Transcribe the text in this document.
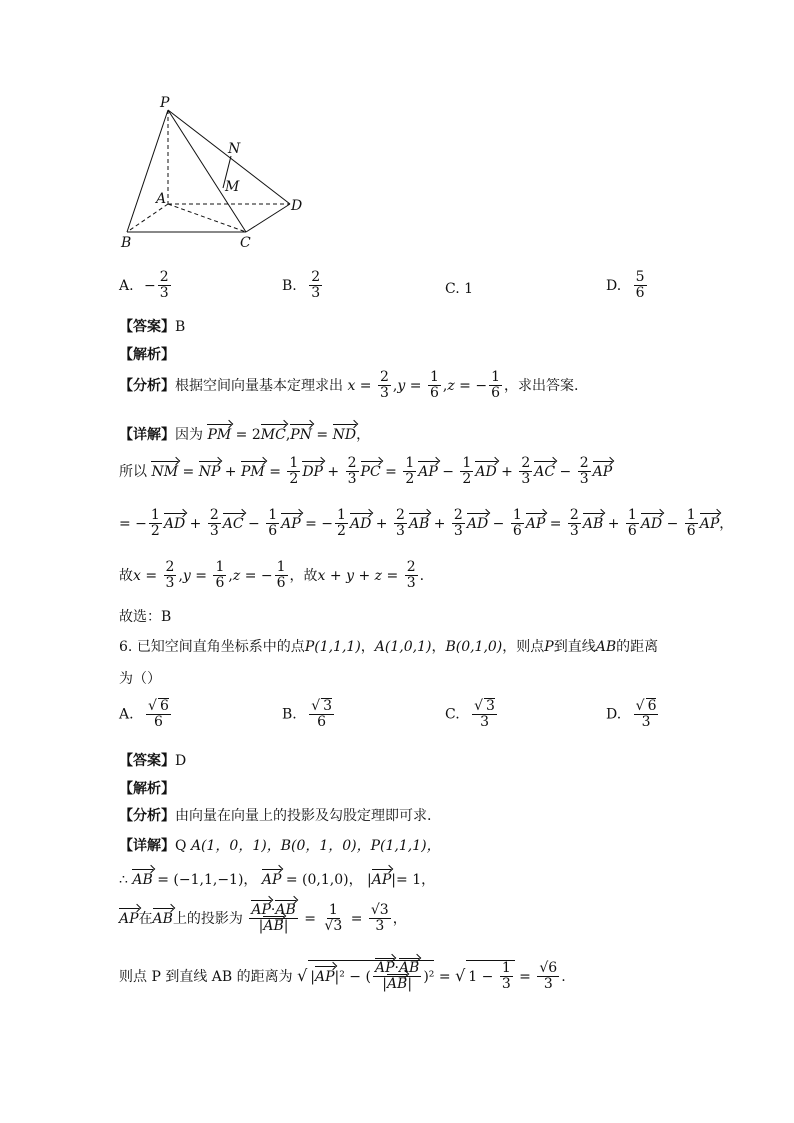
P
N
M
A	D
B	C
A. − $\frac{2}{3}$	B. $\frac{2}{3}$	C. 1	D. $\frac{5}{6}$
【答案】B
【解析】
【分析】根据空间向量基本定理求出 $x = \frac{2}{3} ,y = \frac{1}{6} ,z$ = − $\frac{1}{6}$ ，求出答案.
【详解】因为 PM = 2MC,PN = ND，
所以 NM = NP + PM = $\frac{1}{2}$ DP + $\frac{2}{3}$ PC = $\frac{1}{2}$ AP − $\frac{1}{2}$ AD + $\frac{2}{3}$ AC − $\frac{2}{3}$ AP
= − $\frac{1}{2}$ AD + $\frac{2}{3}$ AC − $\frac{1}{6}$ AP = − $\frac{1}{2}$ AD + $\frac{2}{3}$ AB + $\frac{2}{3}$ AD − $\frac{1}{6}$ AP = $\frac{2}{3}$ AB + $\frac{1}{6}$ AD − $\frac{1}{6}$ AP，
故$x = \frac{2}{3} ,y = \frac{1}{6} ,z$ = − $\frac{1}{6}$ ，故$x + y + z = \frac{2}{3}$ .
故选：B
6. 已知空间直角坐标系中的点P(1,1,1)，A(1,0,1)，B(0,1,0)，则点P到直线AB的距离
为（）
A. $\frac{√ 6}{6}$	B. $\frac{√ 3}{6}$	C. $\frac{√ 3}{3}$	D. $\frac{√ 6}{3}$
【答案】D
【解析】
【分析】由向量在向量上的投影及勾股定理即可求.
【详解】Q A(1，0，1)，B(0，1，0)，P(1,1,1)，
∴ AB = (−1,1,−1)， AP = (0,1,0)， |AP|= 1，
AP在AB上的投影为 $\frac{AP\cdot AB}{|AB|} = \frac{1}{√3} = \frac{√3}{3}$ ，
则点 P 到直线 AB 的距离为 √ |AP|² − ( $\frac{AP\cdot AB}{|AB|} )^2$ = √ $1 - \frac{1}{3} = \frac{√6}{3}$ .
